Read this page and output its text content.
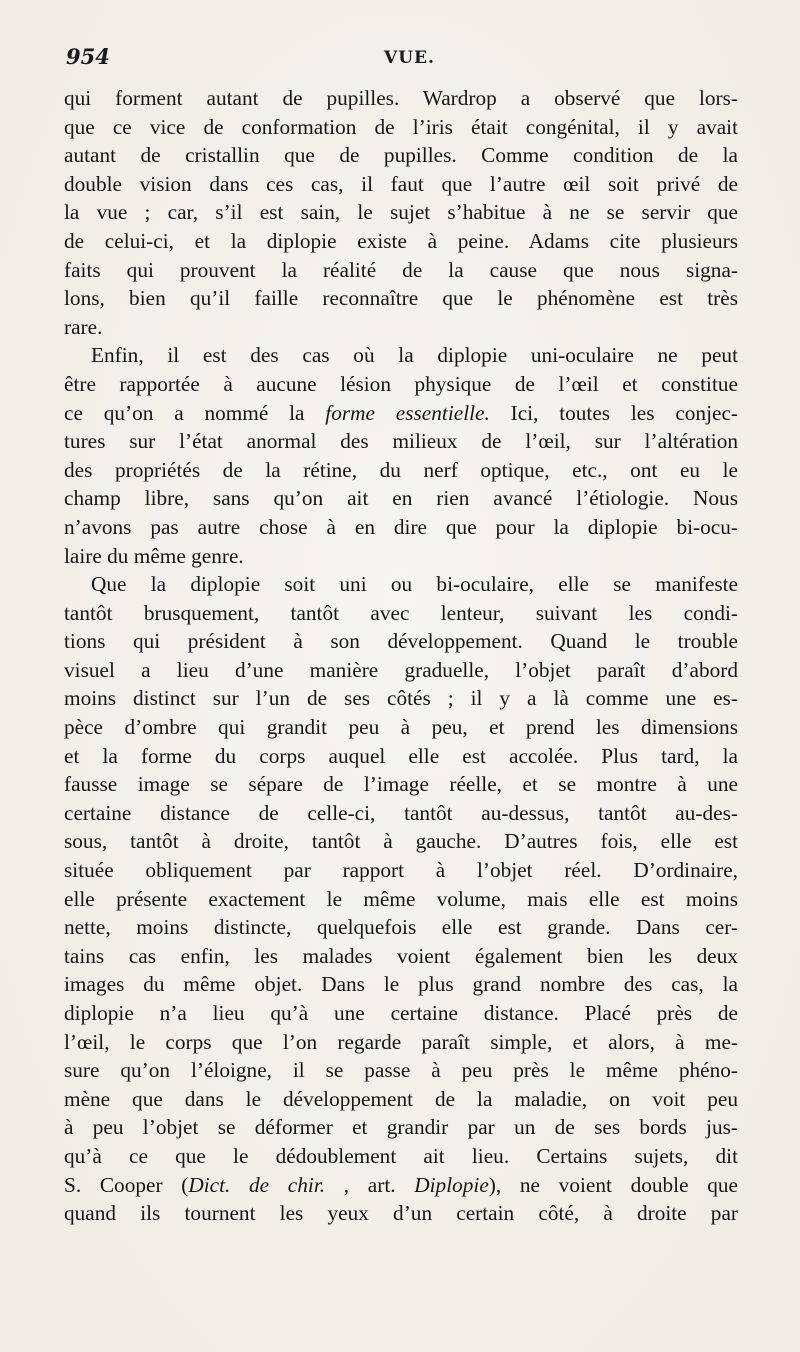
954	VUE.
qui forment autant de pupilles. Wardrop a observé que lors-
que ce vice de conformation de l’iris était congénital, il y avait
autant de cristallin que de pupilles. Comme condition de la
double vision dans ces cas, il faut que l’autre œil soit privé de
la vue ; car, s’il est sain, le sujet s’habitue à ne se servir que
de celui-ci, et la diplopie existe à peine. Adams cite plusieurs
faits qui prouvent la réalité de la cause que nous signa-
lons, bien qu’il faille reconnaître que le phénomène est très
rare.
Enfin, il est des cas où la diplopie uni-oculaire ne peut
être rapportée à aucune lésion physique de l’œil et constitue
ce qu’on a nommé la forme essentielle. Ici, toutes les conjec-
tures sur l’état anormal des milieux de l’œil, sur l’altération
des propriétés de la rétine, du nerf optique, etc., ont eu le
champ libre, sans qu’on ait en rien avancé l’étiologie. Nous
n’avons pas autre chose à en dire que pour la diplopie bi-ocu-
laire du même genre.
Que la diplopie soit uni ou bi-oculaire, elle se manifeste
tantôt brusquement, tantôt avec lenteur, suivant les condi-
tions qui président à son développement. Quand le trouble
visuel a lieu d’une manière graduelle, l’objet paraît d’abord
moins distinct sur l’un de ses côtés ; il y a là comme une es-
pèce d’ombre qui grandit peu à peu, et prend les dimensions
et la forme du corps auquel elle est accolée. Plus tard, la
fausse image se sépare de l’image réelle, et se montre à une
certaine distance de celle-ci, tantôt au-dessus, tantôt au-des-
sous, tantôt à droite, tantôt à gauche. D’autres fois, elle est
située obliquement par rapport à l’objet réel. D’ordinaire,
elle présente exactement le même volume, mais elle est moins
nette, moins distincte, quelquefois elle est grande. Dans cer-
tains cas enfin, les malades voient également bien les deux
images du même objet. Dans le plus grand nombre des cas, la
diplopie n’a lieu qu’à une certaine distance. Placé près de
l’œil, le corps que l’on regarde paraît simple, et alors, à me-
sure qu’on l’éloigne, il se passe à peu près le même phéno-
mène que dans le développement de la maladie, on voit peu
à peu l’objet se déformer et grandir par un de ses bords jus-
qu’à ce que le dédoublement ait lieu. Certains sujets, dit
S. Cooper (Dict. de chir. , art. Diplopie), ne voient double que
quand ils tournent les yeux d’un certain côté, à droite par
